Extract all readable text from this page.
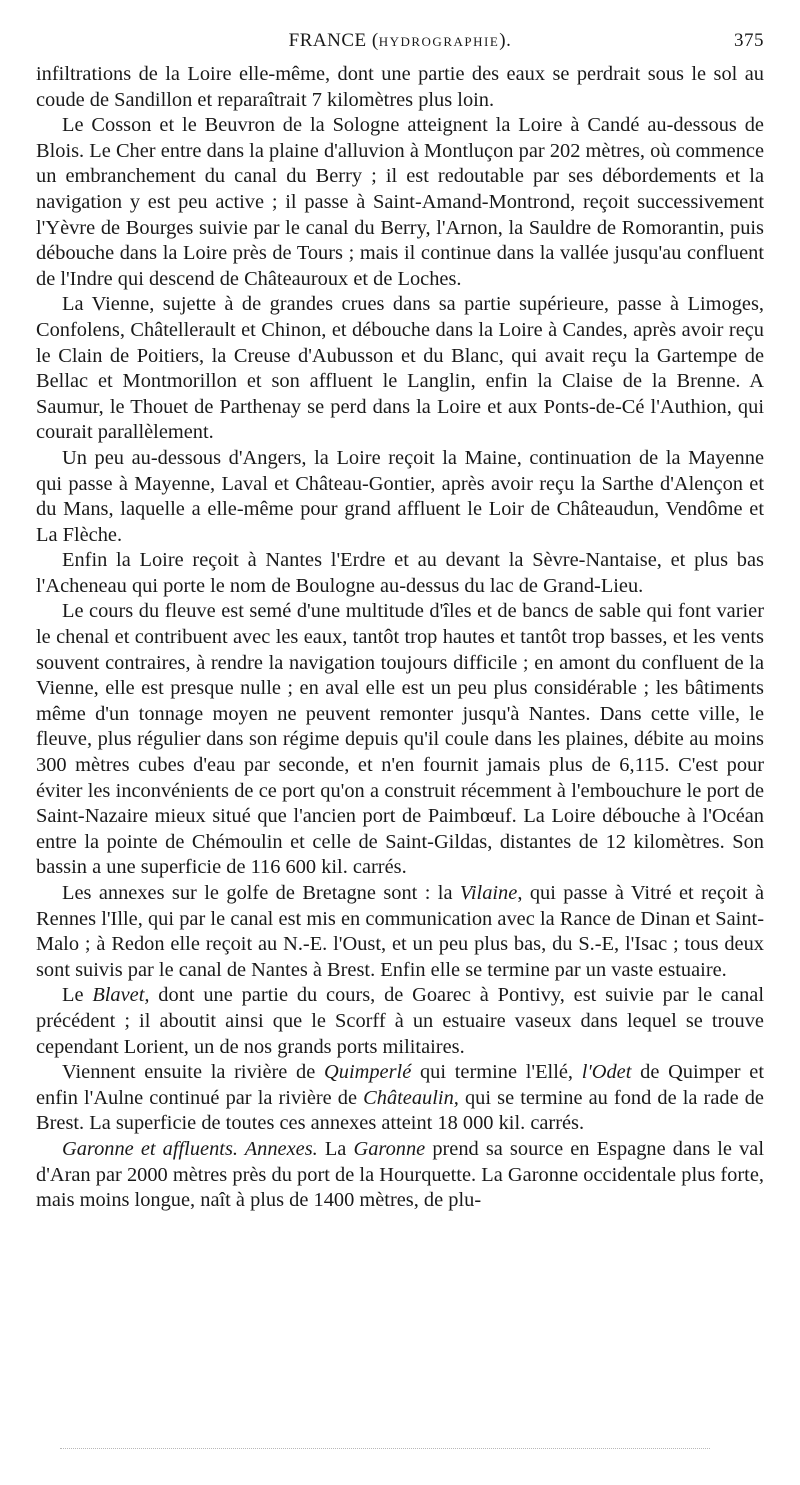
FRANCE (HYDROGRAPHIE).	375

infiltrations de la Loire elle-même, dont une partie des eaux se perdrait sous le sol au coude de Sandillon et reparaîtrait 7 kilomètres plus loin.

Le Cosson et le Beuvron de la Sologne atteignent la Loire à Candé au-dessous de Blois. Le Cher entre dans la plaine d'alluvion à Montluçon par 202 mètres, où commence un embranchement du canal du Berry ; il est redoutable par ses débordements et la navigation y est peu active ; il passe à Saint-Amand-Montrond, reçoit successivement l'Yèvre de Bourges suivie par le canal du Berry, l'Arnon, la Sauldre de Romorantin, puis débouche dans la Loire près de Tours ; mais il continue dans la vallée jusqu'au confluent de l'Indre qui descend de Châteauroux et de Loches.

La Vienne, sujette à de grandes crues dans sa partie supérieure, passe à Limoges, Confolens, Châtellerault et Chinon, et débouche dans la Loire à Candes, après avoir reçu le Clain de Poitiers, la Creuse d'Aubusson et du Blanc, qui avait reçu la Gartempe de Bellac et Montmorillon et son affluent le Langlin, enfin la Claise de la Brenne. A Saumur, le Thouet de Parthenay se perd dans la Loire et aux Ponts-de-Cé l'Authion, qui courait parallèlement.

Un peu au-dessous d'Angers, la Loire reçoit la Maine, continuation de la Mayenne qui passe à Mayenne, Laval et Château-Gontier, après avoir reçu la Sarthe d'Alençon et du Mans, laquelle a elle-même pour grand affluent le Loir de Châteaudun, Vendôme et La Flèche.

Enfin la Loire reçoit à Nantes l'Erdre et au devant la Sèvre-Nantaise, et plus bas l'Acheneau qui porte le nom de Boulogne au-dessus du lac de Grand-Lieu.

Le cours du fleuve est semé d'une multitude d'îles et de bancs de sable qui font varier le chenal et contribuent avec les eaux, tantôt trop hautes et tantôt trop basses, et les vents souvent contraires, à rendre la navigation toujours difficile ; en amont du confluent de la Vienne, elle est presque nulle ; en aval elle est un peu plus considérable ; les bâtiments même d'un tonnage moyen ne peuvent remonter jusqu'à Nantes. Dans cette ville, le fleuve, plus régulier dans son régime depuis qu'il coule dans les plaines, débite au moins 300 mètres cubes d'eau par seconde, et n'en fournit jamais plus de 6,115. C'est pour éviter les inconvénients de ce port qu'on a construit récemment à l'embouchure le port de Saint-Nazaire mieux situé que l'ancien port de Paimbœuf. La Loire débouche à l'Océan entre la pointe de Chémoulin et celle de Saint-Gildas, distantes de 12 kilomètres. Son bassin a une superficie de 116 600 kil. carrés.

Les annexes sur le golfe de Bretagne sont : la Vilaine, qui passe à Vitré et reçoit à Rennes l'Ille, qui par le canal est mis en communication avec la Rance de Dinan et Saint-Malo ; à Redon elle reçoit au N.-E. l'Oust, et un peu plus bas, du S.-E, l'Isac ; tous deux sont suivis par le canal de Nantes à Brest. Enfin elle se termine par un vaste estuaire.

Le Blavet, dont une partie du cours, de Goarec à Pontivy, est suivie par le canal précédent ; il aboutit ainsi que le Scorff à un estuaire vaseux dans lequel se trouve cependant Lorient, un de nos grands ports militaires.

Viennent ensuite la rivière de Quimperlé qui termine l'Ellé, l'Odet de Quimper et enfin l'Aulne continué par la rivière de Châteaulin, qui se termine au fond de la rade de Brest. La superficie de toutes ces annexes atteint 18 000 kil. carrés.

Garonne et affluents. Annexes. La Garonne prend sa source en Espagne dans le val d'Aran par 2000 mètres près du port de la Hourquette. La Garonne occidentale plus forte, mais moins longue, naît à plus de 1400 mètres, de plu-
